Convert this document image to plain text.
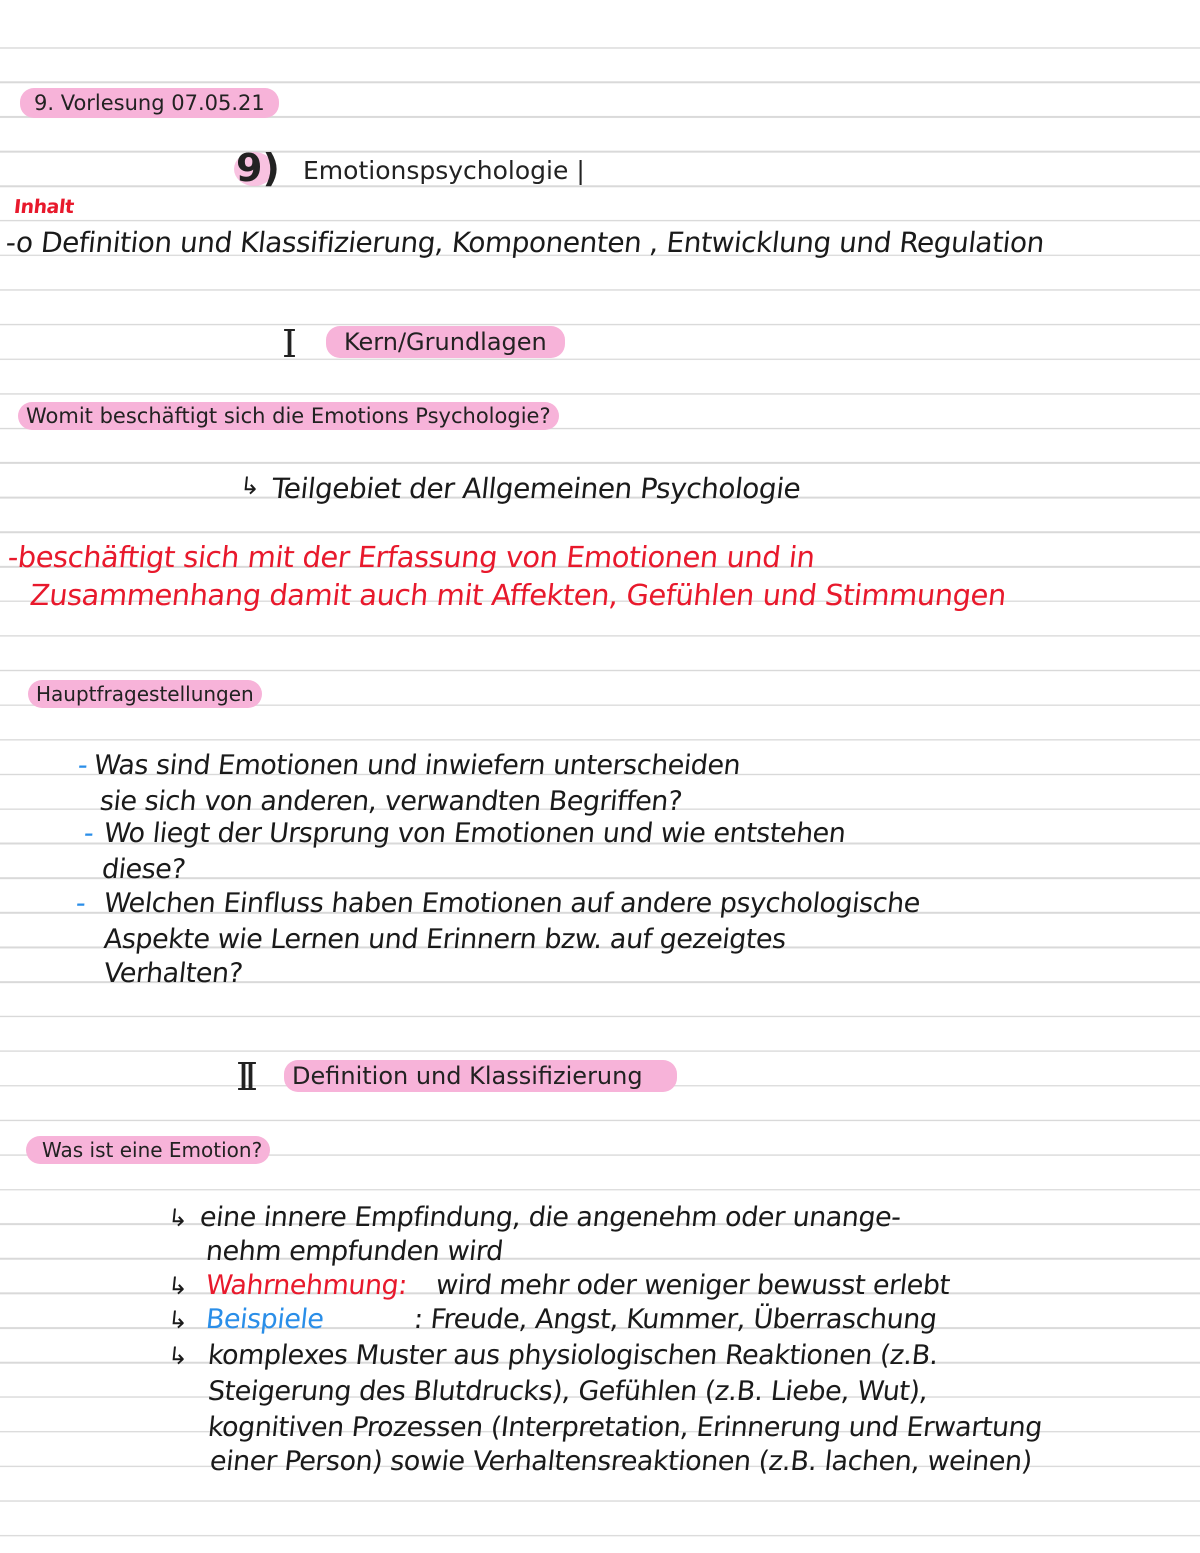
9. Vorlesung 07.05.21
9) Emotionspsychologie |
Inhalt
-o Definition und Klassifizierung, Komponenten , Entwicklung und Regulation
I	Kern/Grundlagen
Womit beschäftigt sich die Emotions Psychologie?
↳ Teilgebiet der Allgemeinen Psychologie
-beschäftigt sich mit der Erfassung von Emotionen und in
Zusammenhang damit auch mit Affekten, Gefühlen und Stimmungen
Hauptfragestellungen
- Was sind Emotionen und inwiefern unterscheiden
sie sich von anderen, verwandten Begriffen?
- Wo liegt der Ursprung von Emotionen und wie entstehen
diese?
- Welchen Einfluss haben Emotionen auf andere psychologische
Aspekte wie Lernen und Erinnern bzw. auf gezeigtes
Verhalten?
II	Definition und Klassifizierung
Was ist eine Emotion?
↳ eine innere Empfindung, die angenehm oder unange-
nehm empfunden wird
↳ Wahrnehmung: wird mehr oder weniger bewusst erlebt
↳ Beispiele	: Freude, Angst, Kummer, Überraschung
↳ komplexes Muster aus physiologischen Reaktionen (z.B.
Steigerung des Blutdrucks), Gefühlen (z.B. Liebe, Wut),
kognitiven Prozessen (Interpretation, Erinnerung und Erwartung
einer Person) sowie Verhaltensreaktionen (z.B. lachen, weinen)
